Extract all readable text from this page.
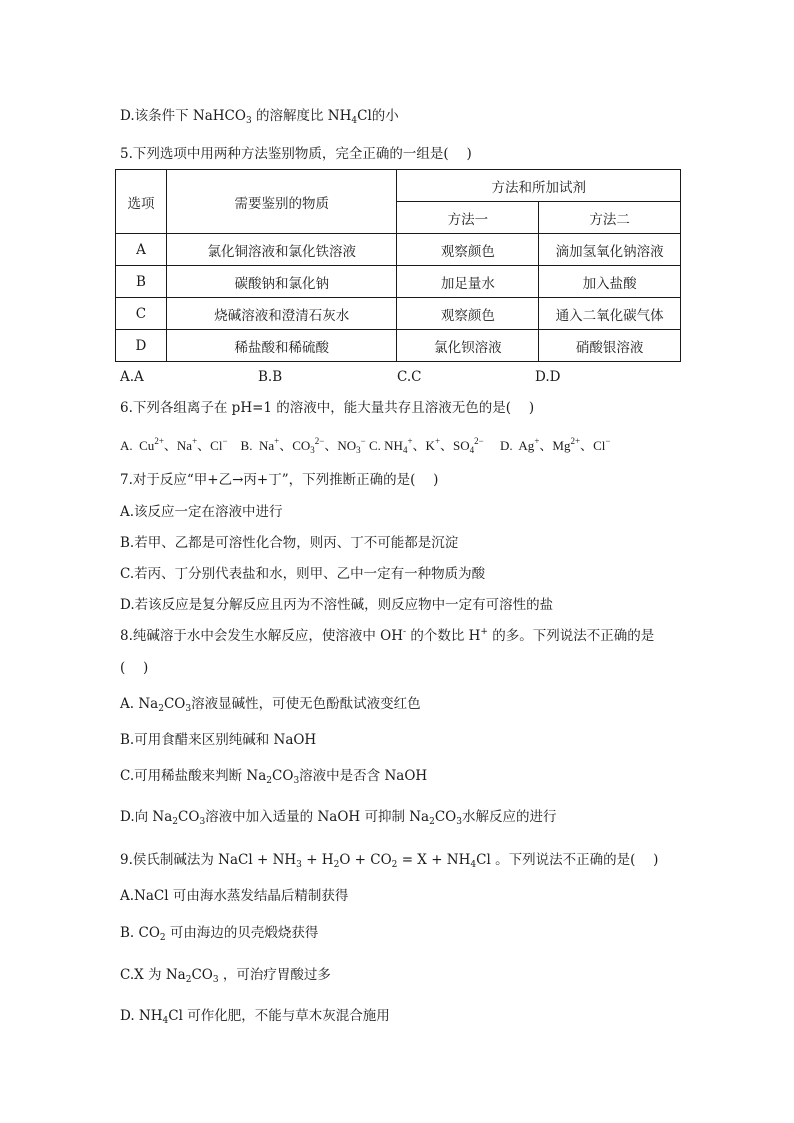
D.该条件下 NaHCO$_3$ 的溶解度比 $NH_4Cl$的小
5.下列选项中用两种方法鉴别物质，完全正确的一组是(　 )
选项	需要鉴别的物质	方法和所加试剂	
		方法一	方法二
A	氯化铜溶液和氯化铁溶液	观察颜色	滴加氢氧化钠溶液
B	碳酸钠和氯化钠	加足量水	加入盐酸
C	烧碱溶液和澄清石灰水	观察颜色	通入二氧化碳气体
D	稀盐酸和稀硫酸	氯化钡溶液	硝酸银溶液
A.A	B.B	C.C	D.D
6.下列各组离子在 pH=1 的溶液中，能大量共存且溶液无色的是(　 )
A. $Cu^{2+}$、Na+、Cl− B. Na+、$CO_3^{2-}$、$NO_3^-$ C. $NH_4^+$、K+、$SO_4^{2-}$ D. Ag+、$Mg^{2+}$、Cl−
7.对于反应“甲+乙→丙+丁”，下列推断正确的是(　 )
A.该反应一定在溶液中进行
B.若甲、乙都是可溶性化合物，则丙、丁不可能都是沉淀
C.若丙、丁分别代表盐和水，则甲、乙中一定有一种物质为酸
D.若该反应是复分解反应且丙为不溶性碱，则反应物中一定有可溶性的盐
8.纯碱溶于水中会发生水解反应，使溶液中 OH- 的个数比 H+ 的多。下列说法不正确的是
(　 )
A. $Na_2CO_3$溶液显碱性，可使无色酚酞试液变红色
B.可用食醋来区别纯碱和 NaOH
C.可用稀盐酸来判断 $Na_2CO_3$溶液中是否含 NaOH
D.向 $Na_2CO_3$溶液中加入适量的 NaOH 可抑制 $Na_2CO_3$水解反应的进行
9.侯氏制碱法为 NaCl + $NH_3 + H_2O + CO_2 = X + NH_4Cl$ 。下列说法不正确的是(　 )
A.NaCl 可由海水蒸发结晶后精制获得
B. $CO_2$ 可由海边的贝壳煅烧获得
C.X 为 $Na_2CO_3$ ，可治疗胃酸过多
D. $NH_4Cl$ 可作化肥，不能与草木灰混合施用
